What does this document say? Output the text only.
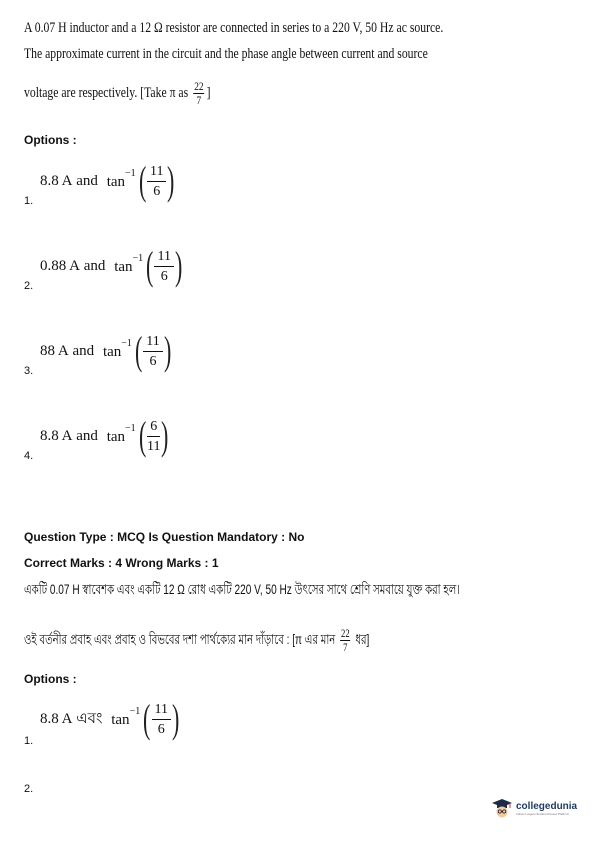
A 0.07 H inductor and a 12 Ω resistor are connected in series to a 220 V, 50 Hz ac source.
The approximate current in the circuit and the phase angle between current and source
voltage are respectively. [Take π as $\frac{22}{7}$ ]
Options :
8.8 A
and
$\tan^{-1}$ ( $\frac{11}{6}$ )
1.
0.88 A
and
$\tan^{-1}$ ( $\frac{11}{6}$ )
2.
88 A
and
$\tan^{-1}$ ( $\frac{11}{6}$ )
3.
8.8 A
and
$\tan^{-1}$ ( $\frac{6}{11}$ )
4.
Question Type : MCQ Is Question Mandatory : No
Correct Marks : 4 Wrong Marks : 1
একটি 0.07 H স্বাবেশক এবং একটি 12 Ω রোধ একটি 220 V, 50 Hz উৎসের সাথে শ্রেণি সমবায়ে যুক্ত করা হল।
ওই বর্তনীর প্রবাহ এবং প্রবাহ ও বিভবের দশা পার্থক্যের মান দাঁড়াবে : [π এর মান $\frac{22}{7}$ ধর]
Options :
8.8 A
এবং
$\tan^{-1}$ ( $\frac{11}{6}$ )
1.
2.
collegedunia
India's Largest Student Review Platform
